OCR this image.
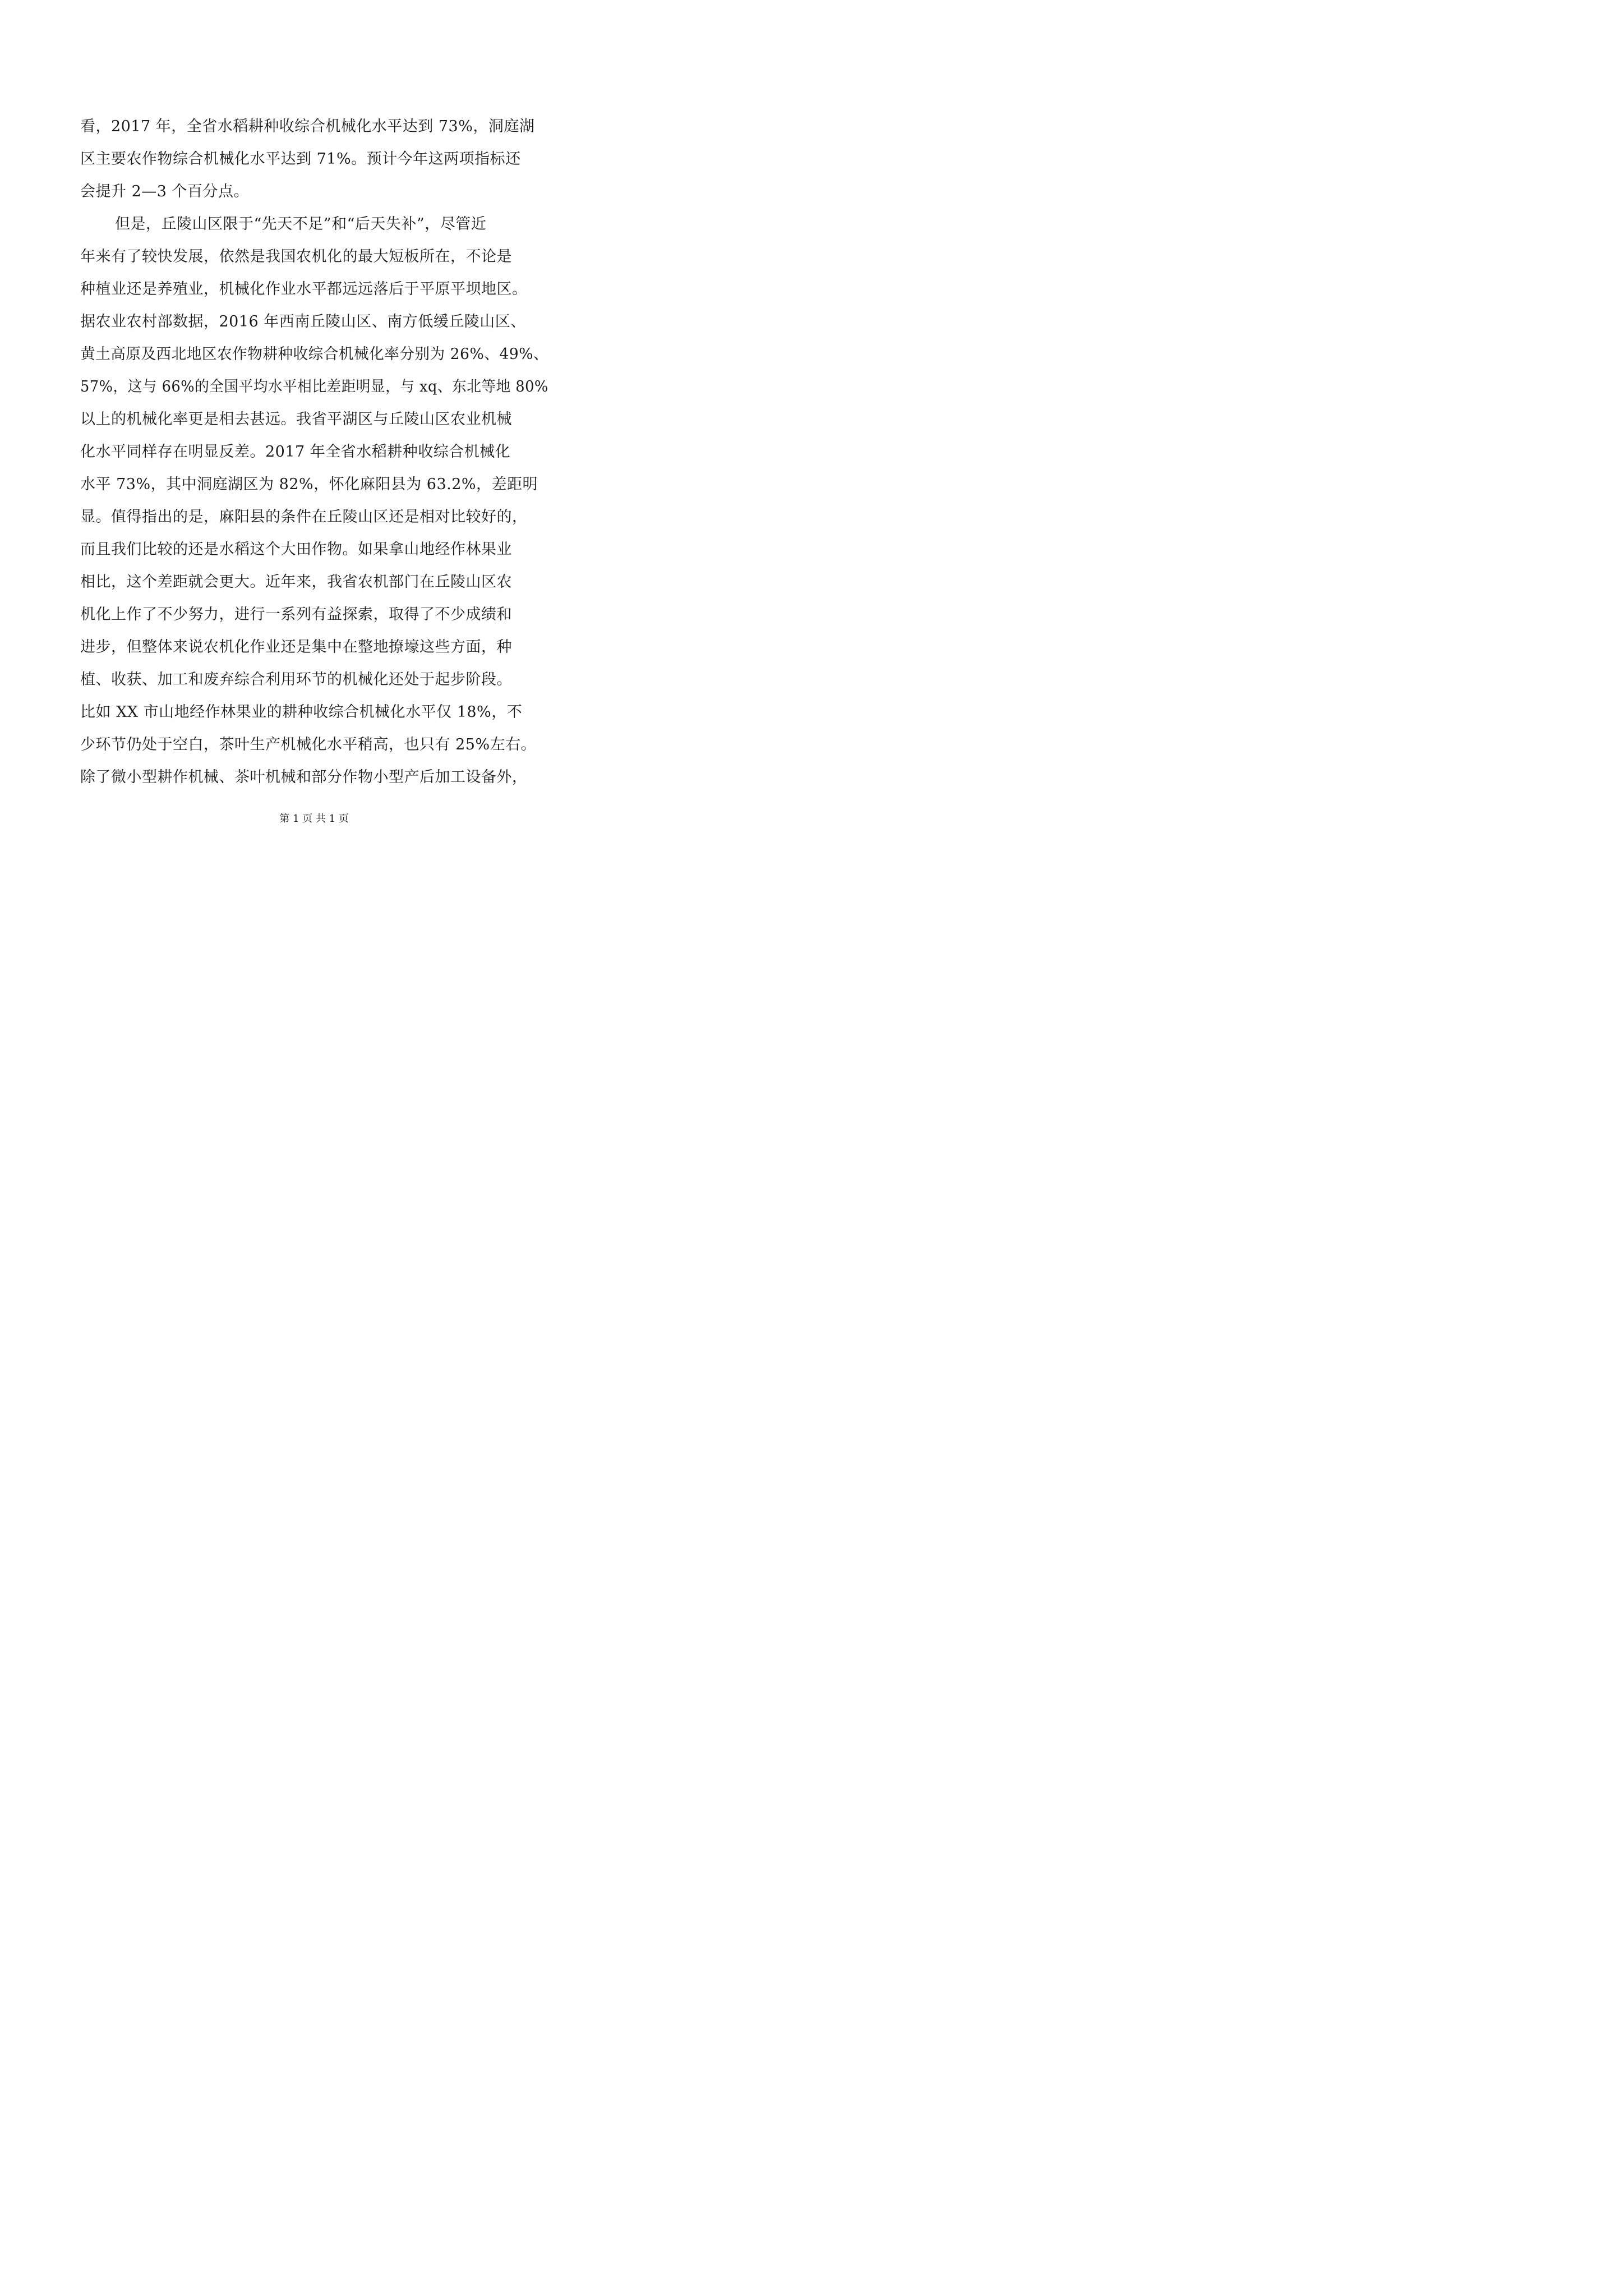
看，2017 年，全省水稻耕种收综合机械化水平达到 73%，洞庭湖
区主要农作物综合机械化水平达到 71%。预计今年这两项指标还
会提升 2—3 个百分点。
但是，丘陵山区限于“先天不足”和“后天失补”，尽管近
年来有了较快发展，依然是我国农机化的最大短板所在，不论是
种植业还是养殖业，机械化作业水平都远远落后于平原平坝地区。
据农业农村部数据，2016 年西南丘陵山区、南方低缓丘陵山区、
黄土高原及西北地区农作物耕种收综合机械化率分别为 26%、49%、
57%，这与 66%的全国平均水平相比差距明显，与 xq、东北等地 80%
以上的机械化率更是相去甚远。我省平湖区与丘陵山区农业机械
化水平同样存在明显反差。2017 年全省水稻耕种收综合机械化
水平 73%，其中洞庭湖区为 82%，怀化麻阳县为 63.2%，差距明
显。值得指出的是，麻阳县的条件在丘陵山区还是相对比较好的，
而且我们比较的还是水稻这个大田作物。如果拿山地经作林果业
相比，这个差距就会更大。近年来，我省农机部门在丘陵山区农
机化上作了不少努力，进行一系列有益探索，取得了不少成绩和
进步，但整体来说农机化作业还是集中在整地撩壕这些方面，种
植、收获、加工和废弃综合利用环节的机械化还处于起步阶段。
比如 XX 市山地经作林果业的耕种收综合机械化水平仅 18%，不
少环节仍处于空白，茶叶生产机械化水平稍高，也只有 25%左右。
除了微小型耕作机械、茶叶机械和部分作物小型产后加工设备外，
第 1 页 共 1 页
